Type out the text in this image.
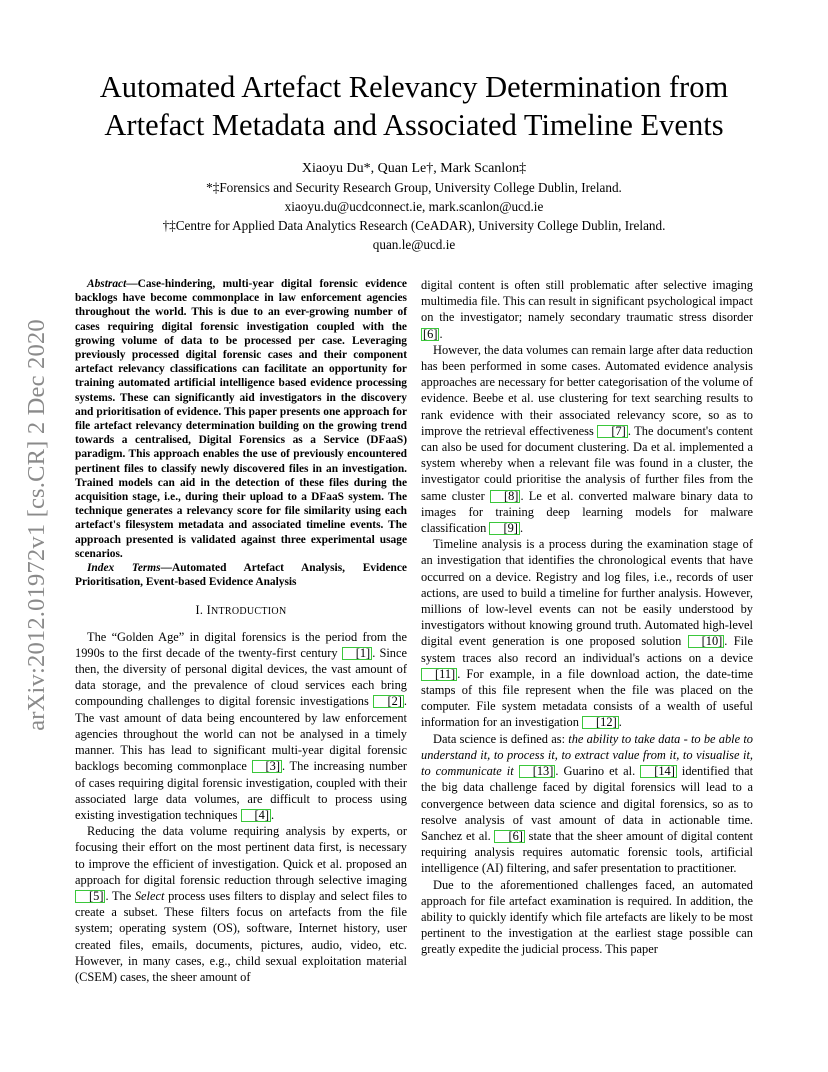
arXiv:2012.01972v1 [cs.CR] 2 Dec 2020
Automated Artefact Relevancy Determination from
Artefact Metadata and Associated Timeline Events
Xiaoyu Du*, Quan Le†, Mark Scanlon‡
*‡Forensics and Security Research Group, University College Dublin, Ireland.
xiaoyu.du@ucdconnect.ie, mark.scanlon@ucd.ie
†‡Centre for Applied Data Analytics Research (CeADAR), University College Dublin, Ireland.
quan.le@ucd.ie

Abstract—Case-hindering, multi-year digital forensic evidence backlogs have become commonplace in law enforcement agencies throughout the world. This is due to an ever-growing number of cases requiring digital forensic investigation coupled with the growing volume of data to be processed per case. Leveraging previously processed digital forensic cases and their component artefact relevancy classifications can facilitate an opportunity for training automated artificial intelligence based evidence processing systems. These can significantly aid investigators in the discovery and prioritisation of evidence. This paper presents one approach for file artefact relevancy determination building on the growing trend towards a centralised, Digital Forensics as a Service (DFaaS) paradigm. This approach enables the use of previously encountered pertinent files to classify newly discovered files in an investigation. Trained models can aid in the detection of these files during the acquisition stage, i.e., during their upload to a DFaaS system. The technique generates a relevancy score for file similarity using each artefact's filesystem metadata and associated timeline events. The approach presented is validated against three experimental usage scenarios.

Index Terms—Automated Artefact Analysis, Evidence Prioritisation, Event-based Evidence Analysis

I. INTRODUCTION

The “Golden Age” in digital forensics is the period from the 1990s to the first decade of the twenty-first century [1] . Since then, the diversity of personal digital devices, the vast amount of data storage, and the prevalence of cloud services each bring compounding challenges to digital forensic investigations [2] . The vast amount of data being encountered by law enforcement agencies throughout the world can not be analysed in a timely manner. This has lead to significant multi-year digital forensic backlogs becoming commonplace [3] . The increasing number of cases requiring digital forensic investigation, coupled with their associated large data volumes, are difficult to process using existing investigation techniques [4] .

Reducing the data volume requiring analysis by experts, or focusing their effort on the most pertinent data first, is necessary to improve the efficient of investigation. Quick et al. proposed an approach for digital forensic reduction through selective imaging [5] . The Select process uses filters to display and select files to create a subset. These filters focus on artefacts from the file system; operating system (OS), software, Internet history, user created files, emails, documents, pictures, audio, video, etc. However, in many cases, e.g., child sexual exploitation material (CSEM) cases, the sheer amount of

digital content is often still problematic after selective imaging multimedia file. This can result in significant psychological impact on the investigator; namely secondary traumatic stress disorder [6] .

However, the data volumes can remain large after data reduction has been performed in some cases. Automated evidence analysis approaches are necessary for better categorisation of the volume of evidence. Beebe et al. use clustering for text searching results to rank evidence with their associated relevancy score, so as to improve the retrieval effectiveness [7] . The document's content can also be used for document clustering. Da et al. implemented a system whereby when a relevant file was found in a cluster, the investigator could prioritise the analysis of further files from the same cluster [8] . Le et al. converted malware binary data to images for training deep learning models for malware classification [9] .

Timeline analysis is a process during the examination stage of an investigation that identifies the chronological events that have occurred on a device. Registry and log files, i.e., records of user actions, are used to build a timeline for further analysis. However, millions of low-level events can not be easily understood by investigators without knowing ground truth. Automated high-level digital event generation is one proposed solution [10] . File system traces also record an individual's actions on a device [11] . For example, in a file download action, the date-time stamps of this file represent when the file was placed on the computer. File system metadata consists of a wealth of useful information for an investigation [12] .

Data science is defined as: the ability to take data - to be able to understand it, to process it, to extract value from it, to visualise it, to communicate it [13] . Guarino et al. [14] identified that the big data challenge faced by digital forensics will lead to a convergence between data science and digital forensics, so as to resolve analysis of vast amount of data in actionable time. Sanchez et al. [6] state that the sheer amount of digital content requiring analysis requires automatic forensic tools, artificial intelligence (AI) filtering, and safer presentation to practitioner.

Due to the aforementioned challenges faced, an automated approach for file artefact examination is required. In addition, the ability to quickly identify which file artefacts are likely to be most pertinent to the investigation at the earliest stage possible can greatly expedite the judicial process. This paper
